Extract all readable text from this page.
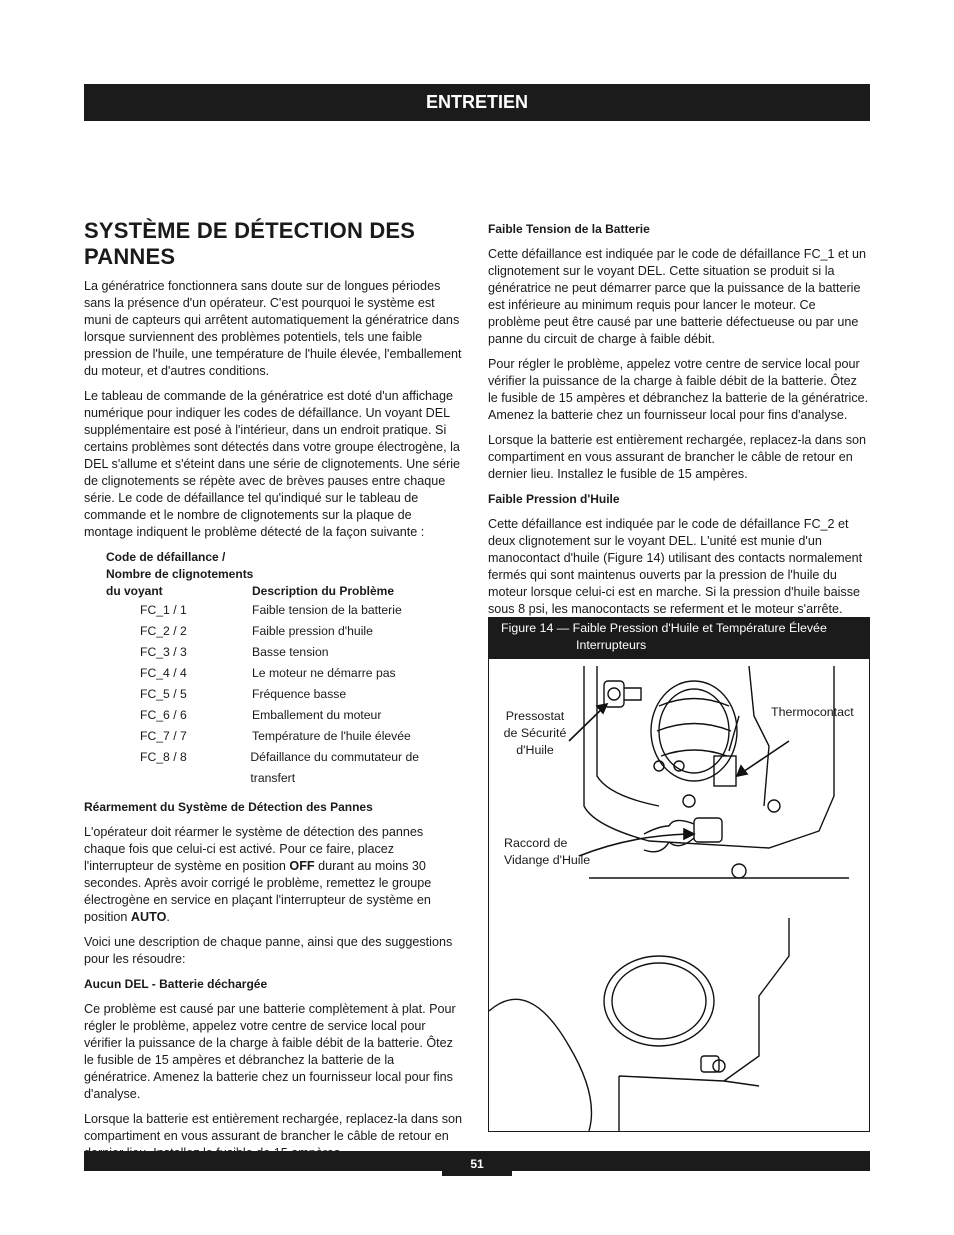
ENTRETIEN
SYSTÈME DE DÉTECTION DES PANNES

La génératrice fonctionnera sans doute sur de longues périodes sans la présence d'un opérateur. C'est pourquoi le système est muni de capteurs qui arrêtent automatiquement la génératrice dans lorsque surviennent des problèmes potentiels, tels une faible pression de l'huile, une température de l'huile élevée, l'emballement du moteur, et d'autres conditions.

Le tableau de commande de la génératrice est doté d'un affichage numérique pour indiquer les codes de défaillance. Un voyant DEL supplémentaire est posé à l'intérieur, dans un endroit pratique. Si certains problèmes sont détectés dans votre groupe électrogène, la DEL s'allume et s'éteint dans une série de clignotements. Une série de clignotements se répète avec de brèves pauses entre chaque série. Le code de défaillance tel qu'indiqué sur le tableau de commande et le nombre de clignotements sur la plaque de montage indiquent le problème détecté de la façon suivante :

Code de défaillance /
Nombre de clignotements
du voyant	Description du Problème
FC_1 / 1	Faible tension de la batterie
FC_2 / 2	Faible pression d'huile
FC_3 / 3	Basse tension
FC_4 / 4	Le moteur ne démarre pas
FC_5 / 5	Fréquence basse
FC_6 / 6	Emballement du moteur
FC_7 / 7	Température de l'huile élevée
FC_8 / 8	Défaillance du commutateur de transfert
Réarmement du Système de Détection des Pannes

L'opérateur doit réarmer le système de détection des pannes chaque fois que celui-ci est activé. Pour ce faire, placez l'interrupteur de système en position OFF durant au moins 30 secondes. Après avoir corrigé le problème, remettez le groupe électrogène en service en plaçant l'interrupteur de système en position AUTO.

Voici une description de chaque panne, ainsi que des suggestions pour les résoudre:

Aucun DEL - Batterie déchargée

Ce problème est causé par une batterie complètement à plat. Pour régler le problème, appelez votre centre de service local pour vérifier la puissance de la charge à faible débit de la batterie. Ôtez le fusible de 15 ampères et débranchez la batterie de la génératrice. Amenez la batterie chez un fournisseur local pour fins d'analyse.

Lorsque la batterie est entièrement rechargée, replacez-la dans son compartiment en vous assurant de brancher le câble de retour en

Faible Tension de la Batterie

Cette défaillance est indiquée par le code de défaillance FC_1 et un clignotement sur le voyant DEL. Cette situation se produit si la génératrice ne peut démarrer parce que la puissance de la batterie est inférieure au minimum requis pour lancer le moteur. Ce problème peut être causé par une batterie défectueuse ou par une panne du circuit de charge à faible débit.

Pour régler le problème, appelez votre centre de service local pour vérifier la puissance de la charge à faible débit de la batterie. Ôtez le fusible de 15 ampères et débranchez la batterie de la génératrice. Amenez la batterie chez un fournisseur local pour fins d'analyse.

Lorsque la batterie est entièrement rechargée, replacez-la dans son compartiment en vous assurant de brancher le câble de retour en dernier lieu. Installez le fusible de 15 ampères.

Faible Pression d'Huile

Cette défaillance est indiquée par le code de défaillance FC_2 et deux clignotement sur le voyant DEL. L'unité est munie d'un manocontact d'huile (Figure 14) utilisant des contacts normalement fermés qui sont maintenus ouverts par la pression de l'huile du moteur lorsque celui-ci est en marche. Si la pression d'huile baisse sous 8 psi, les manocontacts se referment et le moteur s'arrête.

Figure 14 — Faible Pression d'Huile et Température Élevée
Interrupteurs
Pressostat
de Sécurité
d'Huile
Thermocontact
Raccord de
Vidange d'Huile
51
